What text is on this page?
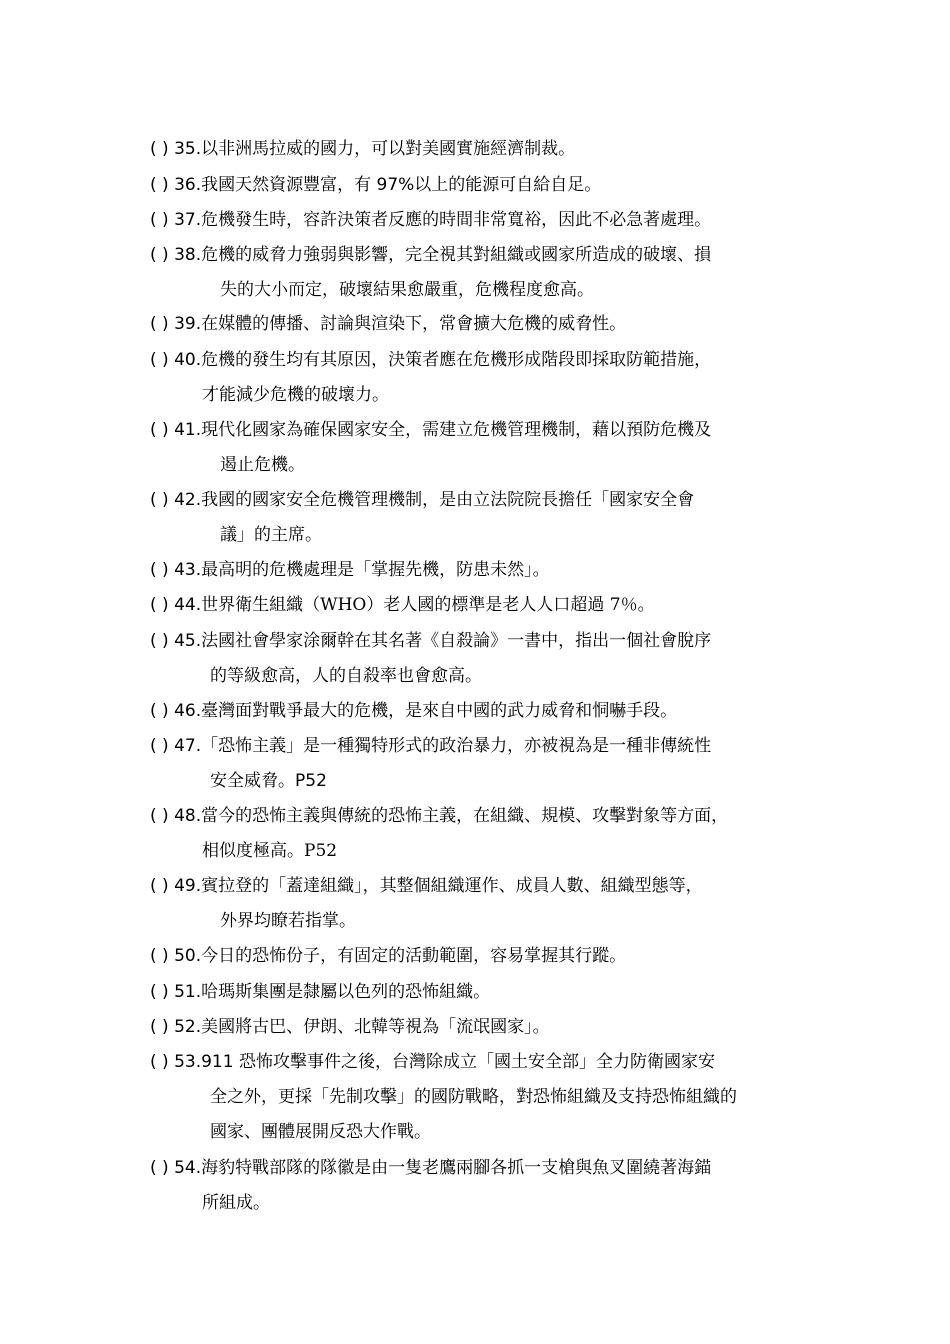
( ) 35.以非洲馬拉威的國力，可以對美國實施經濟制裁。
( ) 36.我國天然資源豐富，有 97%以上的能源可自給自足。
( ) 37.危機發生時，容許決策者反應的時間非常寬裕，因此不必急著處理。
( ) 38.危機的威脅力強弱與影響，完全視其對組織或國家所造成的破壞、損
失的大小而定，破壞結果愈嚴重，危機程度愈高。
( ) 39.在媒體的傳播、討論與渲染下，常會擴大危機的威脅性。
( ) 40.危機的發生均有其原因，決策者應在危機形成階段即採取防範措施，
才能減少危機的破壞力。
( ) 41.現代化國家為確保國家安全，需建立危機管理機制，藉以預防危機及
遏止危機。
( ) 42.我國的國家安全危機管理機制，是由立法院院長擔任「國家安全會
議」的主席。
( ) 43.最高明的危機處理是「掌握先機，防患未然」。
( ) 44.世界衛生組織（WHO）老人國的標準是老人人口超過 7％。
( ) 45.法國社會學家涂爾幹在其名著《自殺論》一書中，指出一個社會脫序
的等級愈高，人的自殺率也會愈高。
( ) 46.臺灣面對戰爭最大的危機，是來自中國的武力威脅和恫嚇手段。
( ) 47.「恐怖主義」是一種獨特形式的政治暴力，亦被視為是一種非傳統性
安全威脅。P52
( ) 48.當今的恐怖主義與傳統的恐怖主義，在組織、規模、攻擊對象等方面，
相似度極高。P52
( ) 49.賓拉登的「蓋達組織」，其整個組織運作、成員人數、組織型態等，
外界均瞭若指掌。
( ) 50.今日的恐怖份子，有固定的活動範圍，容易掌握其行蹤。
( ) 51.哈瑪斯集團是隸屬以色列的恐怖組織。
( ) 52.美國將古巴、伊朗、北韓等視為「流氓國家」。
( ) 53.911 恐怖攻擊事件之後，台灣除成立「國土安全部」全力防衛國家安
全之外，更採「先制攻擊」的國防戰略，對恐怖組織及支持恐怖組織的
國家、團體展開反恐大作戰。
( ) 54.海豹特戰部隊的隊徽是由一隻老鷹兩腳各抓一支槍與魚叉圍繞著海錨
所組成。
